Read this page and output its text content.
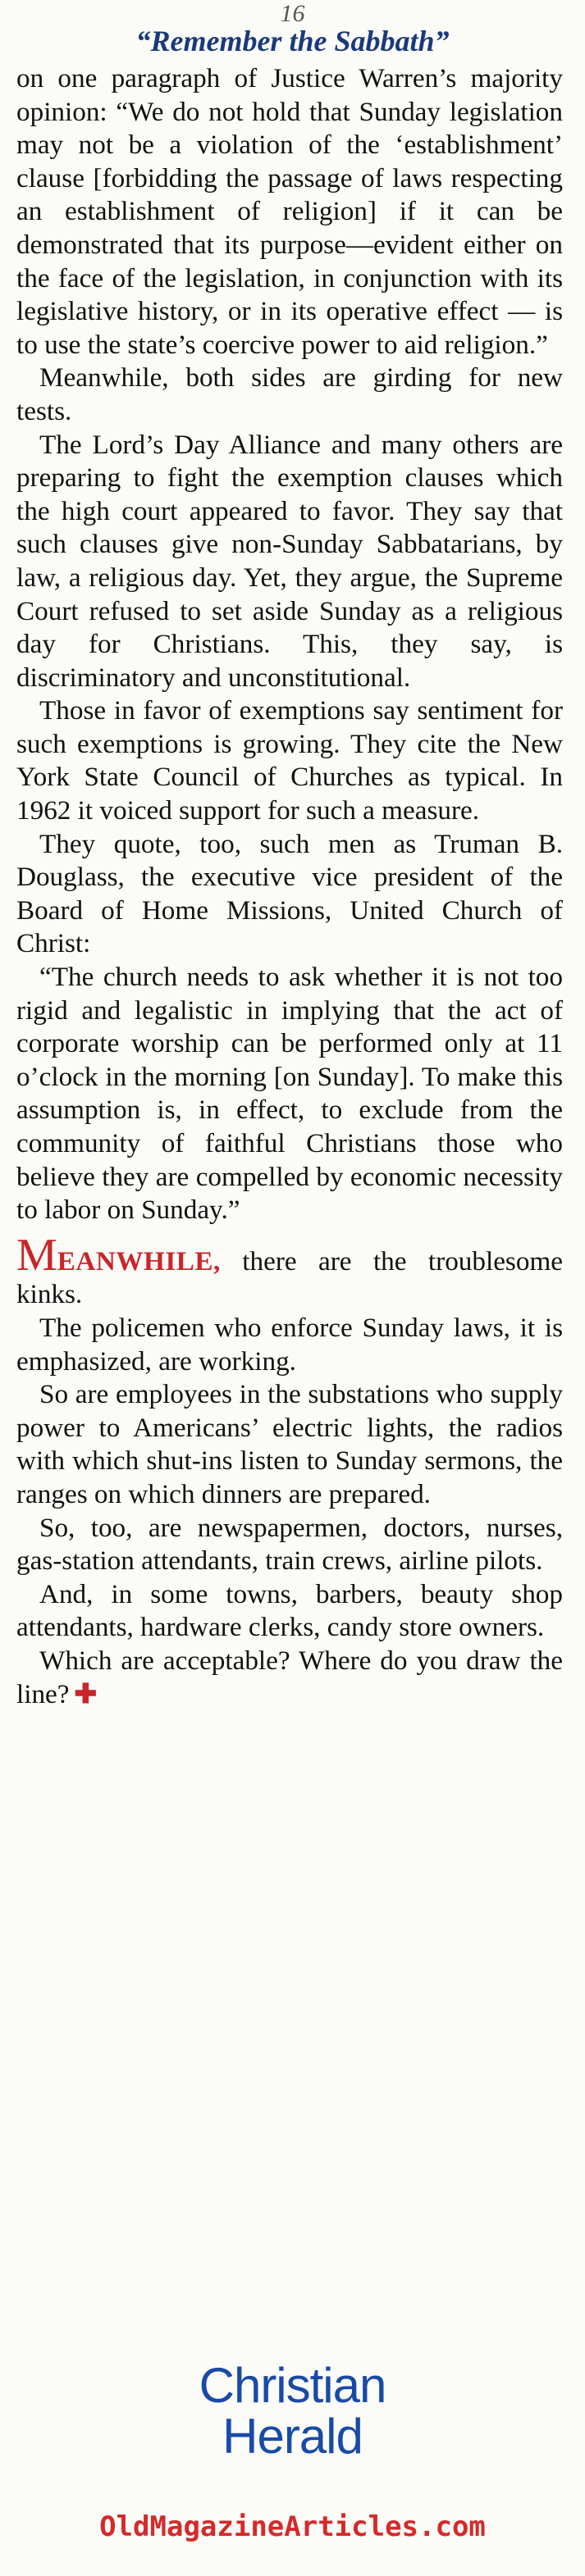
16
“Remember the Sabbath”

on one paragraph of Justice Warren’s majority opinion: “We do not hold that Sunday legislation may not be a violation of the ‘establishment’ clause [forbidding the passage of laws respecting an establishment of religion] if it can be demonstrated that its purpose—evident either on the face of the legislation, in conjunction with its legislative history, or in its operative effect — is to use the state’s coercive power to aid religion.”

Meanwhile, both sides are girding for new tests.

The Lord’s Day Alliance and many others are preparing to fight the exemption clauses which the high court appeared to favor. They say that such clauses give non-Sunday Sabbatarians, by law, a religious day. Yet, they argue, the Supreme Court refused to set aside Sunday as a religious day for Christians. This, they say, is discriminatory and unconstitutional.

Those in favor of exemptions say sentiment for such exemptions is growing. They cite the New York State Council of Churches as typical. In 1962 it voiced support for such a measure.

They quote, too, such men as Truman B. Douglass, the executive vice president of the Board of Home Missions, United Church of Christ:

“The church needs to ask whether it is not too rigid and legalistic in implying that the act of corporate worship can be performed only at 11 o’clock in the morning [on Sunday]. To make this assumption is, in effect, to exclude from the community of faithful Christians those who believe they are compelled by economic necessity to labor on Sunday.”

MEANWHILE, there are the troublesome kinks.

The policemen who enforce Sunday laws, it is emphasized, are working.

So are employees in the substations who supply power to Americans’ electric lights, the radios with which shut-ins listen to Sunday sermons, the ranges on which dinners are prepared.

So, too, are newspapermen, doctors, nurses, gas-station attendants, train crews, airline pilots.

And, in some towns, barbers, beauty shop attendants, hardware clerks, candy store owners.

Which are acceptable? Where do you draw the line? ✚

Christian
Herald
OldMagazineArticles.com
